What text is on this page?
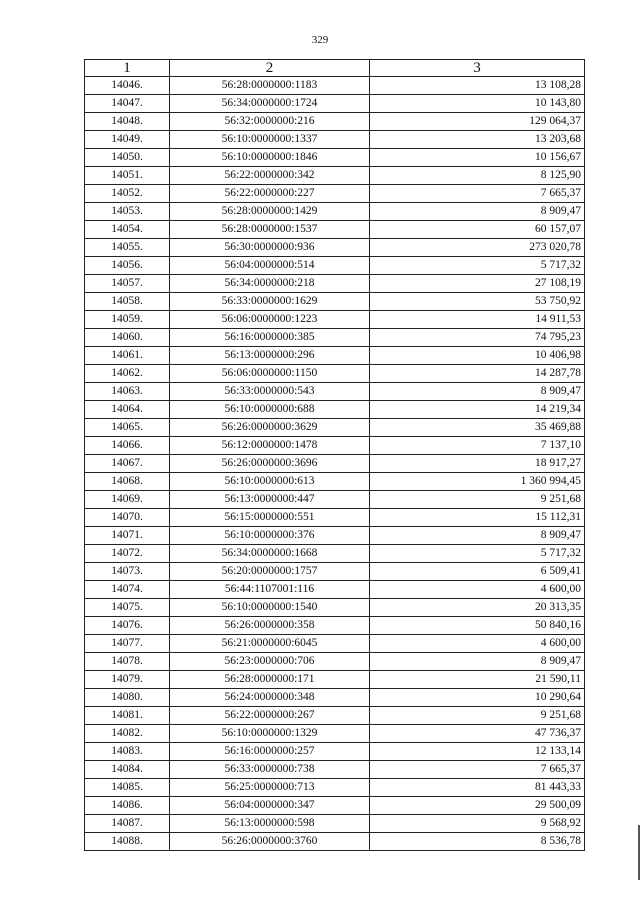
329
1	2	3
14046.	56:28:0000000:1183	13 108,28
14047.	56:34:0000000:1724	10 143,80
14048.	56:32:0000000:216	129 064,37
14049.	56:10:0000000:1337	13 203,68
14050.	56:10:0000000:1846	10 156,67
14051.	56:22:0000000:342	8 125,90
14052.	56:22:0000000:227	7 665,37
14053.	56:28:0000000:1429	8 909,47
14054.	56:28:0000000:1537	60 157,07
14055.	56:30:0000000:936	273 020,78
14056.	56:04:0000000:514	5 717,32
14057.	56:34:0000000:218	27 108,19
14058.	56:33:0000000:1629	53 750,92
14059.	56:06:0000000:1223	14 911,53
14060.	56:16:0000000:385	74 795,23
14061.	56:13:0000000:296	10 406,98
14062.	56:06:0000000:1150	14 287,78
14063.	56:33:0000000:543	8 909,47
14064.	56:10:0000000:688	14 219,34
14065.	56:26:0000000:3629	35 469,88
14066.	56:12:0000000:1478	7 137,10
14067.	56:26:0000000:3696	18 917,27
14068.	56:10:0000000:613	1 360 994,45
14069.	56:13:0000000:447	9 251,68
14070.	56:15:0000000:551	15 112,31
14071.	56:10:0000000:376	8 909,47
14072.	56:34:0000000:1668	5 717,32
14073.	56:20:0000000:1757	6 509,41
14074.	56:44:1107001:116	4 600,00
14075.	56:10:0000000:1540	20 313,35
14076.	56:26:0000000:358	50 840,16
14077.	56:21:0000000:6045	4 600,00
14078.	56:23:0000000:706	8 909,47
14079.	56:28:0000000:171	21 590,11
14080.	56:24:0000000:348	10 290,64
14081.	56:22:0000000:267	9 251,68
14082.	56:10:0000000:1329	47 736,37
14083.	56:16:0000000:257	12 133,14
14084.	56:33:0000000:738	7 665,37
14085.	56:25:0000000:713	81 443,33
14086.	56:04:0000000:347	29 500,09
14087.	56:13:0000000:598	9 568,92
14088.	56:26:0000000:3760	8 536,78
